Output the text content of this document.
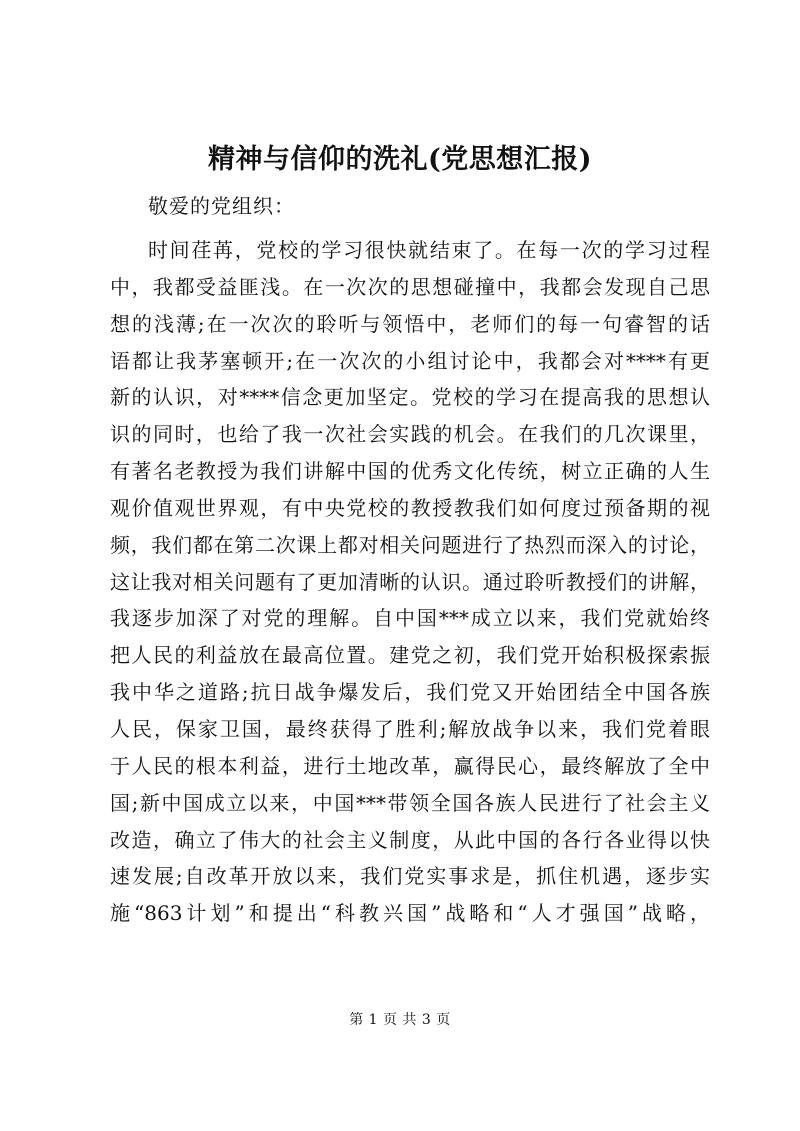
精神与信仰的洗礼(党思想汇报)
敬爱的党组织：
时间荏苒，党校的学习很快就结束了。在每一次的学习过程
中，我都受益匪浅。在一次次的思想碰撞中，我都会发现自己思
想的浅薄;在一次次的聆听与领悟中，老师们的每一句睿智的话
语都让我茅塞顿开;在一次次的小组讨论中，我都会对****有更
新的认识，对****信念更加坚定。党校的学习在提高我的思想认
识的同时，也给了我一次社会实践的机会。在我们的几次课里，
有著名老教授为我们讲解中国的优秀文化传统，树立正确的人生
观价值观世界观，有中央党校的教授教我们如何度过预备期的视
频，我们都在第二次课上都对相关问题进行了热烈而深入的讨论，
这让我对相关问题有了更加清晰的认识。通过聆听教授们的讲解，
我逐步加深了对党的理解。自中国***成立以来，我们党就始终
把人民的利益放在最高位置。建党之初，我们党开始积极探索振
我中华之道路;抗日战争爆发后，我们党又开始团结全中国各族
人民，保家卫国，最终获得了胜利;解放战争以来，我们党着眼
于人民的根本利益，进行土地改革，赢得民心，最终解放了全中
国;新中国成立以来，中国***带领全国各族人民进行了社会主义
改造，确立了伟大的社会主义制度，从此中国的各行各业得以快
速发展;自改革开放以来，我们党实事求是，抓住机遇，逐步实
施“863计划”和提出“科教兴国”战略和“人才强国”战略，
第 1 页 共 3 页
